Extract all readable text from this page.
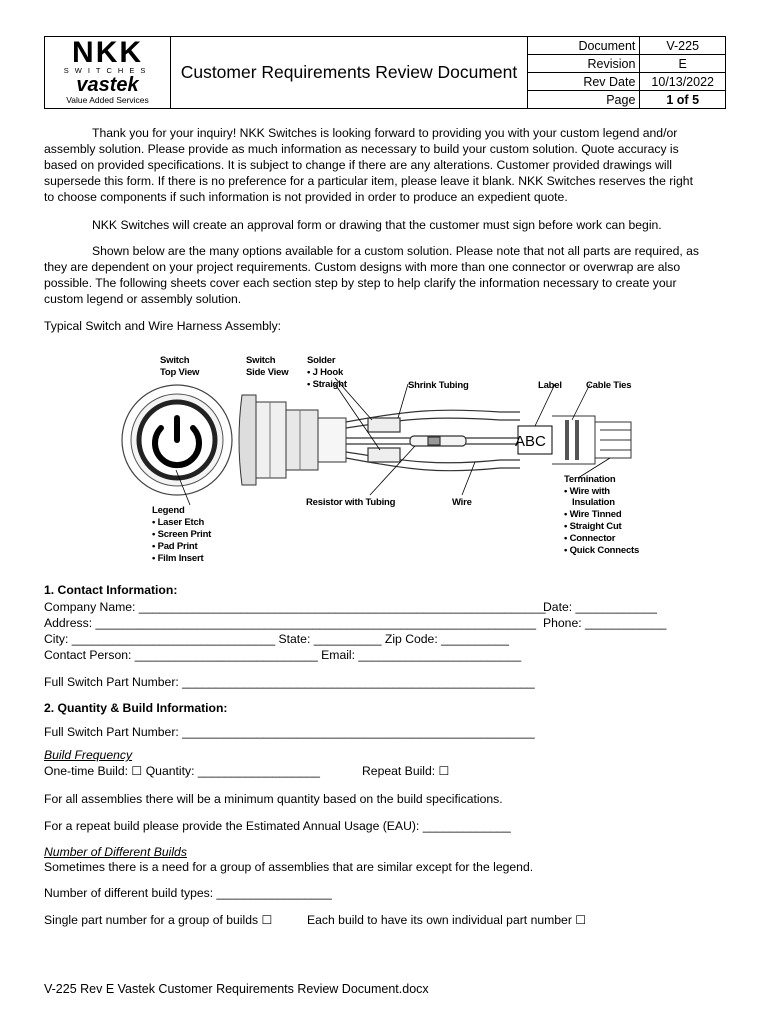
NKK
SWITCHES
vastek
Value Added Services	Customer Requirements Review Document	Document	V-225
		Revision	E
		Rev Date	10/13/2022
		Page	1 of 5

Thank you for your inquiry! NKK Switches is looking forward to providing you with your custom legend and/or

assembly solution. Please provide as much information as necessary to build your custom solution. Quote accuracy is

based on provided specifications. It is subject to change if there are any alterations. Customer provided drawings will

supersede this form. If there is no preference for a particular item, please leave it blank. NKK Switches reserves the right

to choose components if such information is not provided in order to produce an expedient quote.

NKK Switches will create an approval form or drawing that the customer must sign before work can begin.

Shown below are the many options available for a custom solution. Please note that not all parts are required, as

they are dependent on your project requirements. Custom designs with more than one connector or overwrap are also

possible. The following sheets cover each section step by step to help clarify the information necessary to create your

custom legend or assembly solution.

Typical Switch and Wire Harness Assembly:

Switch
Top View
Switch
Side View
Solder
• J Hook
• Straight	Shrink Tubing	Label	Cable Ties
ABC
Resistor with Tubing	Wire
Legend
• Laser Etch
• Screen Print
• Pad Print
• Film Insert
Termination
• Wire with
Insulation
• Wire Tinned
• Straight Cut
• Connector
• Quick Connects

1. Contact Information:

Company Name: ____________________________________________________________

Date: ____________

Address: _________________________________________________________________ Phone: ____________

City: ______________________________ State: __________ Zip Code: __________

Contact Person: ___________________________ Email: ________________________

Full Switch Part Number: ____________________________________________________

2. Quantity & Build Information:

Full Switch Part Number: ____________________________________________________

Build Frequency

One-time Build: ☐ Quantity: __________________	Repeat Build: ☐

For all assemblies there will be a minimum quantity based on the build specifications.

For a repeat build please provide the Estimated Annual Usage (EAU): _____________

Number of Different Builds

Sometimes there is a need for a group of assemblies that are similar except for the legend.

Number of different build types: _________________

Single part number for a group of builds ☐	Each build to have its own individual part number ☐

V-225 Rev E Vastek Customer Requirements Review Document.docx
